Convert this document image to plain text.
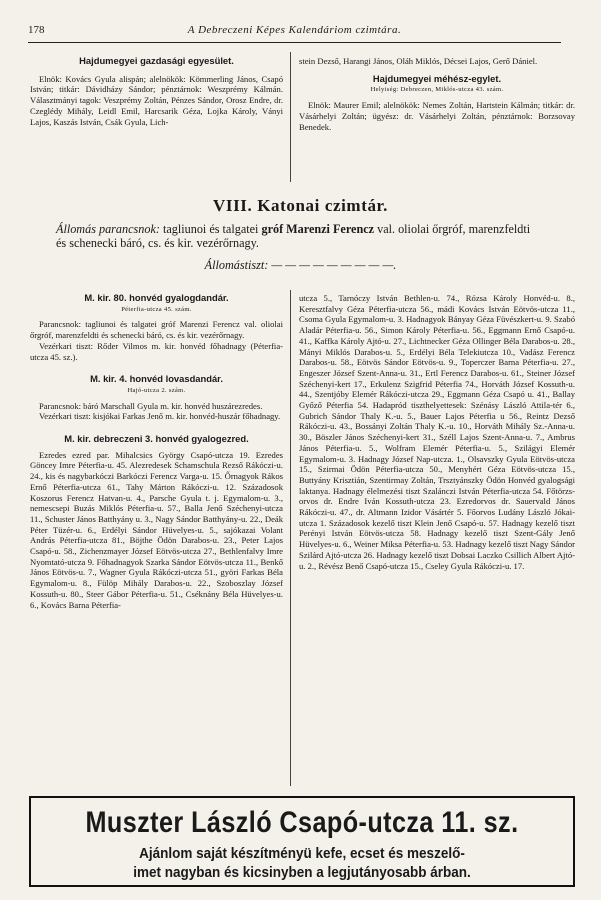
178	A Debreczeni Képes Kalendáriom czimtára.
Hajdumegyei gazdasági egyesület.

Elnök: Kovács Gyula alispán; alelnökök: Kömmerling János, Csapó István; titkár: Dávidházy Sándor; pénztárnok: Weszprémy Kálmán. Választmányi tagok: Veszprémy Zoltán, Pénzes Sándor, Orosz Endre, dr. Czeglédy Mihály, Leidl Emil, Harcsarik Géza, Lojka Károly, Ványi Lajos, Kaszás István, Csák Gyula, Lich-

stein Dezső, Harangi János, Oláh Miklós, Décsei Lajos, Gerő Dániel.

Hajdumegyei méhész-egylet.
Helyiség: Debreczen, Miklós-utcza 43. szám.

Elnök: Maurer Emil; alelnökök: Nemes Zoltán, Hartstein Kálmán; titkár: dr. Vásárhelyi Zoltán; ügyész: dr. Vásárhelyi Zoltán, pénztárnok: Borzsovay Benedek.

VIII. Katonai czimtár.
Állomás parancsnok: tagliunoi és talgatei gróf Marenzi Ferencz val. oliolai őrgróf, marenzfeldti és schenecki báró, cs. és kir. vezérőrnagy.
Állomástiszt: — — — — — — — — —.
M. kir. 80. honvéd gyalogdandár.
Péterfia-utcza 45. szám.

Parancsnok: tagliunoi és talgatei gróf Marenzi Ferencz val. oliolai őrgróf, marenzfeldti és schenecki báró, cs. és kir. vezérőrnagy.

Vezérkari tiszt: Rőder Vilmos m. kir. honvéd főhadnagy (Péterfia-utcza 45. sz.).

M. kir. 4. honvéd lovasdandár.
Hajó-utcza 2. szám.

Parancsnok: báró Marschall Gyula m. kir. honvéd huszárezredes.

Vezérkari tiszt: kisjókai Farkas Jenő m. kir. honvéd-huszár főhadnagy.

M. kir. debreczeni 3. honvéd gyalogezred.

Ezredes ezred par. Mihalcsics György Csapó-utcza 19. Ezredes Göncey Imre Péterfia-u. 45. Alezredesek Schamschula Rezső Rákóczi-u. 24., kis és nagybarkóczi Barkóczi Ferencz Varga-u. 15. Őrnagyok Rákos Ernő Péterfia-utcza 61., Tahy Márton Rákóczi-u. 12. Századosok Koszorus Ferencz Hatvan-u. 4., Parsche Gyula t. j. Egymalom-u. 3., nemescsepi Buzás Miklós Péterfia-u. 57., Balla Jenő Széchenyi-utcza 11., Schuster János Batthyány u. 3., Nagy Sándor Batthyány-u. 22., Deák Péter Tüzér-u. 6., Erdélyi Sándor Hüvelyes-u. 5., sajókazai Volant András Péterfia-utcza 81., Böjthe Ödön Darabos-u. 23., Peter Lajos Csapó-u. 58., Zichenzmayer József Eötvös-utcza 27., Bethlenfalvy Imre Nyomtató-utcza 9. Főhadnagyok Szarka Sándor Eötvös-utcza 11., Benkő János Eötvös-u. 7., Wagner Gyula Rákóczi-utcza 51., györi Farkas Béla Egymalom-u. 8., Fülöp Mihály Darabos-u. 22., Szoboszlay József Kossuth-u. 80., Steer Gábor Péterfia-u. 51., Cséknány Béla Hüvelyes-u. 6., Kovács Barna Péterfia-

utcza 5., Tarnóczy István Bethlen-u. 74., Rózsa Károly Honvéd-u. 8., Keresztfalvy Géza Péterfia-utcza 56., mádi Kovács István Eötvös-utcza 11., Csoma Gyula Egymalom-u. 3. Hadnagyok Bányay Géza Füvészkert-u. 9. Szabó Aladár Péterfia-u. 56., Simon Károly Péterfia-u. 56., Eggmann Ernő Csapó-u. 41., Kaffka Károly Ajtó-u. 27., Lichtnecker Géza Ollinger Béla Darabos-u. 28., Mányi Miklós Darabos-u. 5., Erdélyi Béla Telekiutcza 10., Vadász Ferencz Darabos-u. 58., Eötvös Sándor Eötvös-u. 9., Toperczer Barna Péterfia-u. 27., Engeszer József Szent-Anna-u. 31., Ertl Ferencz Darabos-u. 61., Steiner József Széchenyi-kert 17., Erkulenz Szigfrid Péterfia 74., Horváth József Kossuth-u. 44., Szentjóby Elemér Rákóczi-utcza 29., Eggmann Géza Csapó u. 41., Ballay Győző Péterfia 54. Hadapród tiszthelyettesek: Szénásy László Attila-tér 6., Gubrich Sándor Thaly K.-u. 5., Bauer Lajos Péterfia u 56., Reintz Dezső Rákóczi-u. 43., Bossányi Zoltán Thaly K.-u. 10., Horváth Mihály Sz.-Anna-u. 30., Böszler János Széchenyi-kert 31., Széll Lajos Szent-Anna-u. 7., Ambrus János Péterfia-u. 5., Wolfram Elemér Péterfia-u. 5., Szilágyi Elemér Egymalom-u. 3. Hadnagy József Nap-utcza. 1., Olsavszky Gyula Eötvös-utcza 15., Szirmai Ödön Péterfia-utcza 50., Menyhért Géza Eötvös-utcza 15., Buttyány Krisztián, Szentirmay Zoltán, Trsztyánszky Ödön Honvéd gyalogsági laktanya. Hadnagy élelmezési tiszt Szalánczi István Péterfia-utcza 54. Főtörzs-orvos dr. Endre Iván Kossuth-utcza 23. Ezredorvos dr. Sauervald János Rákóczi-u. 47., dr. Altmann Izidor Vásártér 5. Főorvos Ludány László Jókai-utcza 1. Századosok kezelő tiszt Klein Jenő Csapó-u. 57. Hadnagy kezelő tiszt Perényi István Eötvös-utcza 58. Hadnagy kezelő tiszt Szent-Gály Jenő Hüvelyes-u. 6., Weiner Miksa Péterfia-u. 53. Hadnagy kezelő tiszt Nagy Sándor Szilárd Ajtó-utcza 26. Hadnagy kezelő tiszt Dobsai Laczko Csillich Albert Ajtó-u. 2., Révész Benő Csapó-utcza 15., Cseley Gyula Rákóczi-u. 17.

Muszter László Csapó-utcza 11. sz.
Ajánlom saját készítményü kefe, ecset és meszelő-
imet nagyban és kicsinyben a legjutányosabb árban.
